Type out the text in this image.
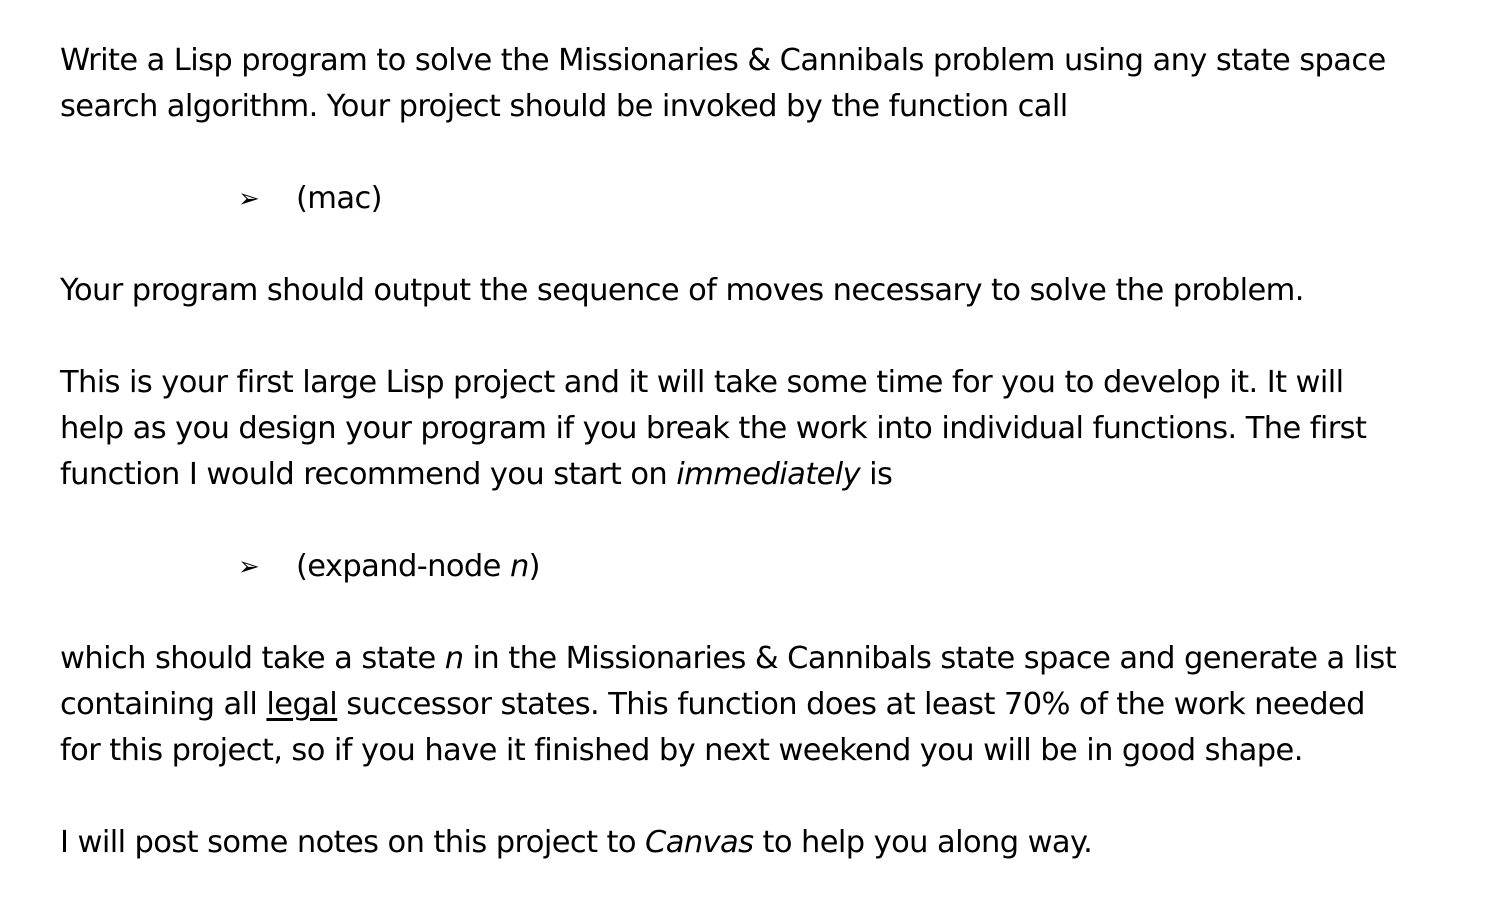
Write a Lisp program to solve the Missionaries & Cannibals problem using any state space
search algorithm. Your project should be invoked by the function call
➢ (mac)
Your program should output the sequence of moves necessary to solve the problem.
This is your first large Lisp project and it will take some time for you to develop it. It will
help as you design your program if you break the work into individual functions. The first
function I would recommend you start on immediately is
➢ (expand-node n)
which should take a state n in the Missionaries & Cannibals state space and generate a list
containing all legal successor states. This function does at least 70% of the work needed
for this project, so if you have it finished by next weekend you will be in good shape.
I will post some notes on this project to Canvas to help you along way.
